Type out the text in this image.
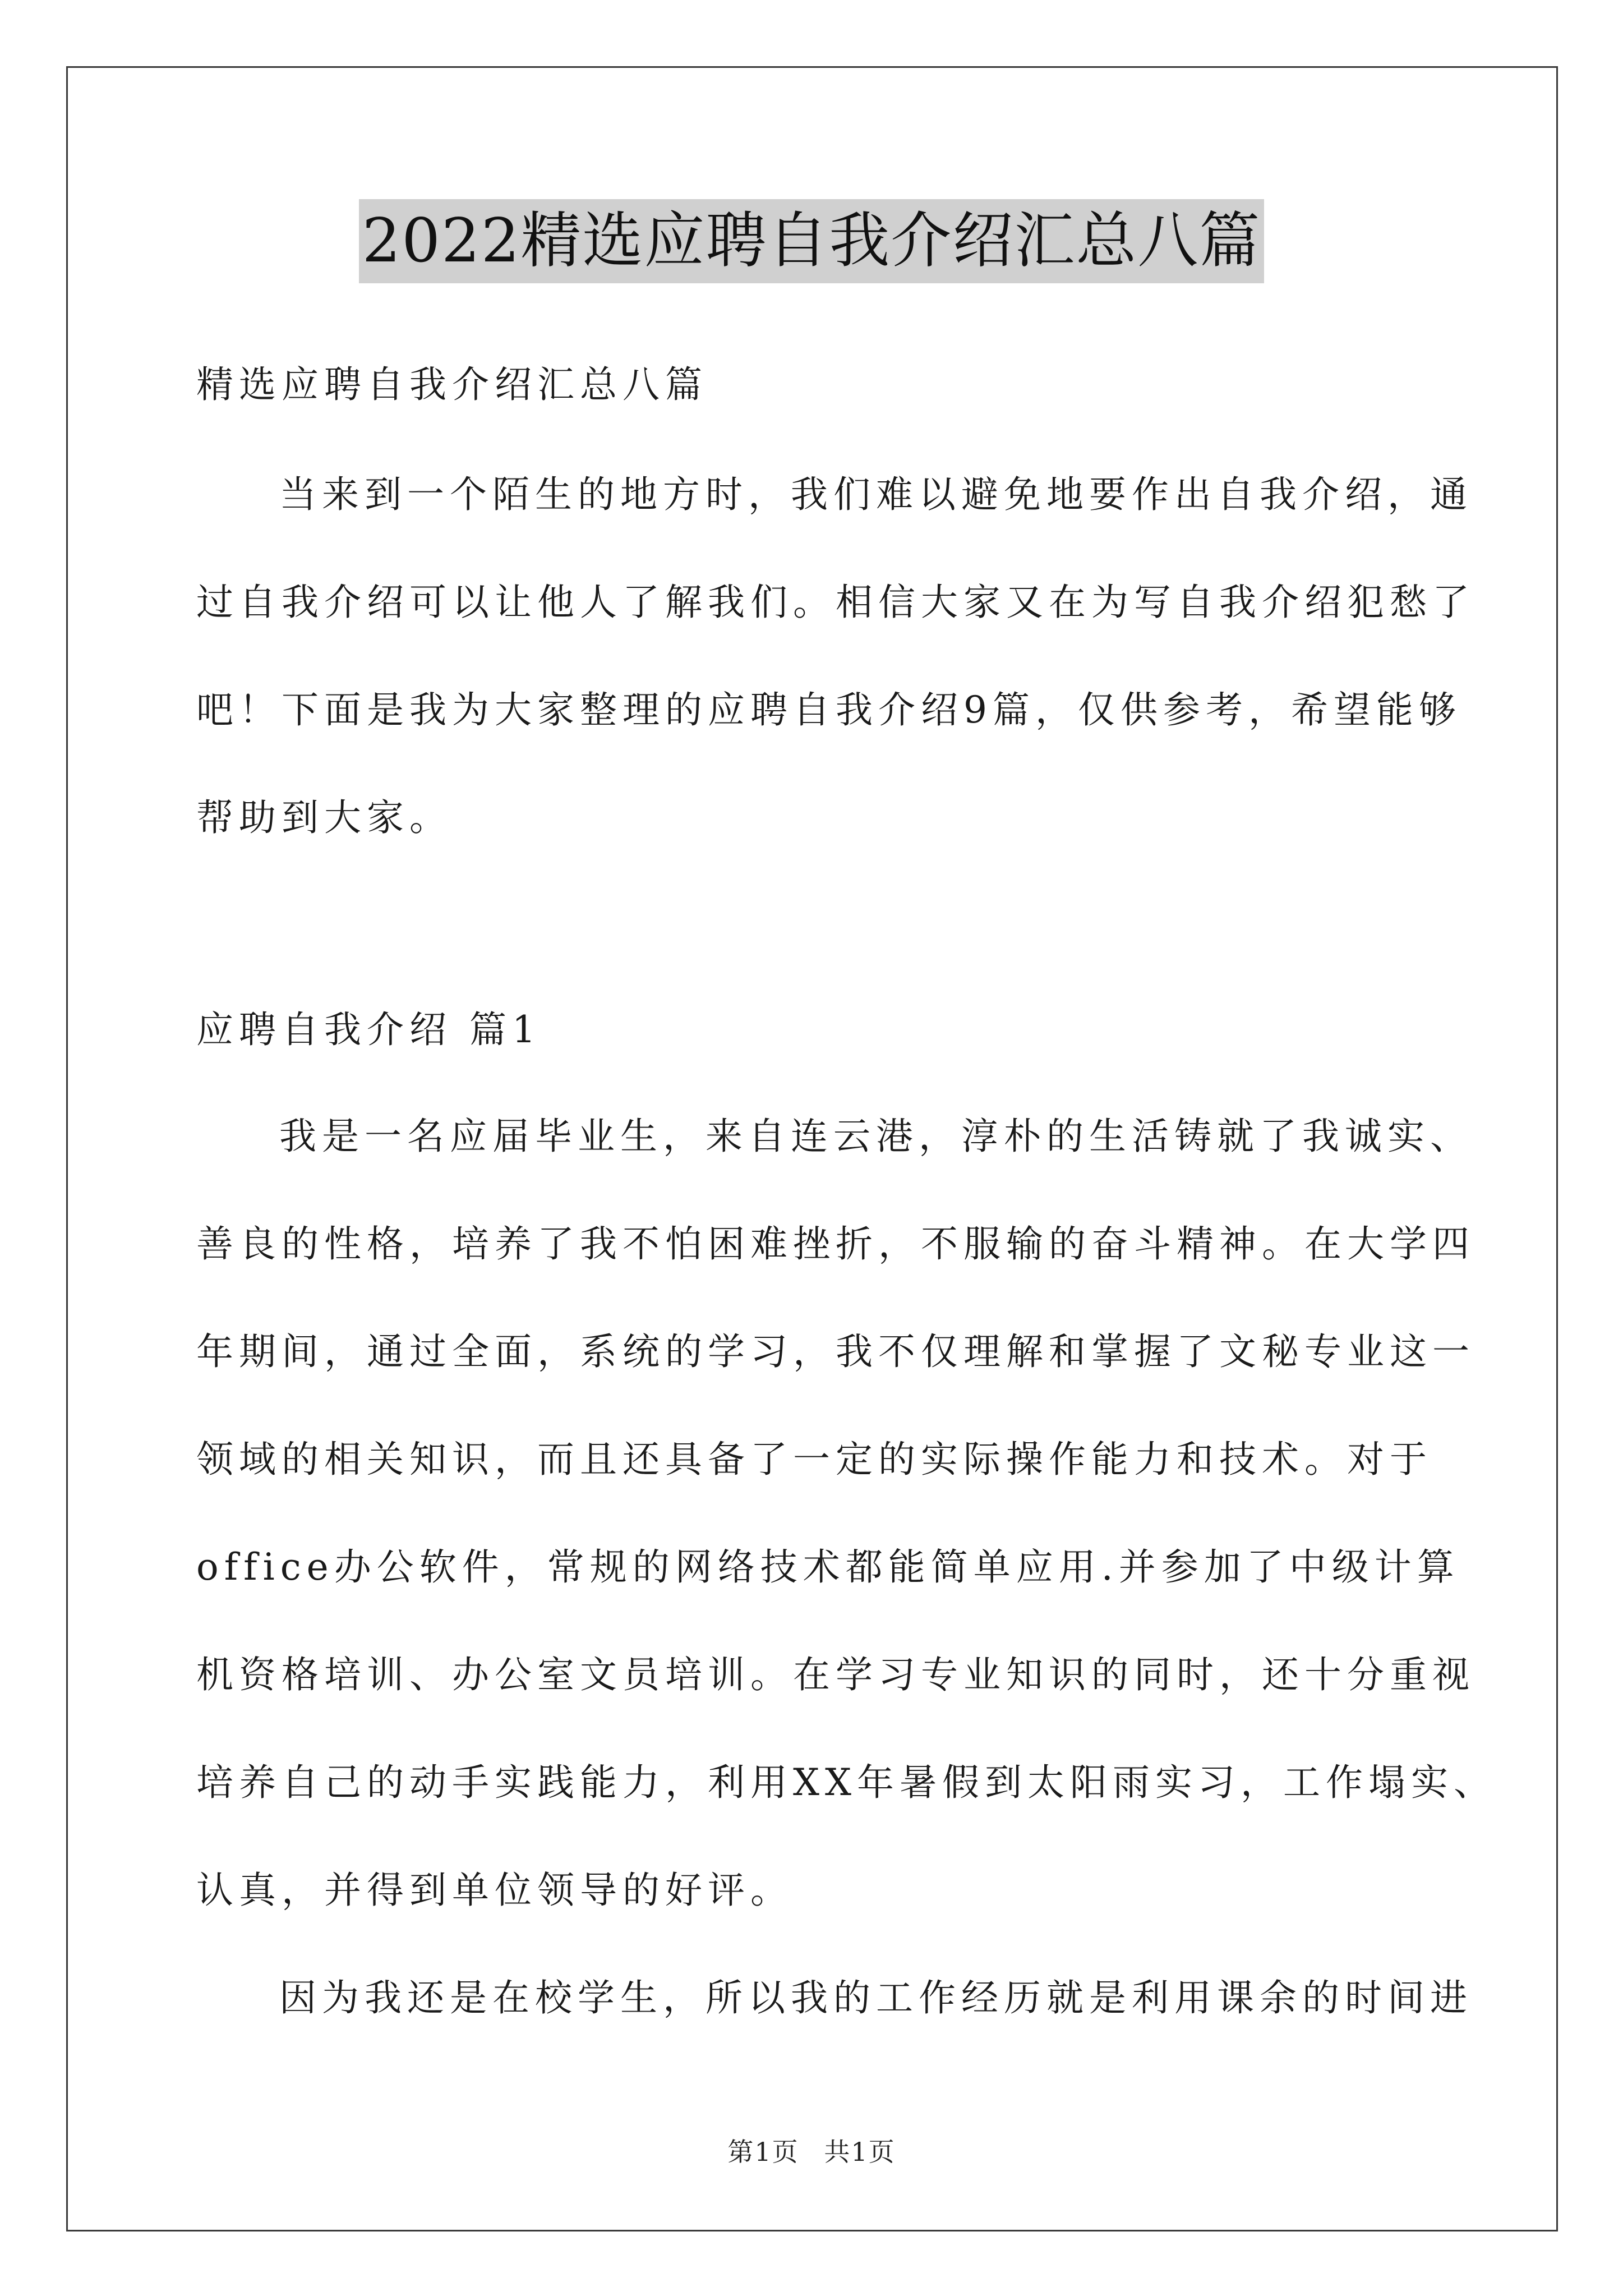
2022精选应聘自我介绍汇总八篇
精选应聘自我介绍汇总八篇
当来到一个陌生的地方时，我们难以避免地要作出自我介绍，通
过自我介绍可以让他人了解我们。相信大家又在为写自我介绍犯愁了
吧！下面是我为大家整理的应聘自我介绍9篇，仅供参考，希望能够
帮助到大家。
应聘自我介绍 篇1
我是一名应届毕业生，来自连云港，淳朴的生活铸就了我诚实、
善良的性格，培养了我不怕困难挫折，不服输的奋斗精神。在大学四
年期间，通过全面，系统的学习，我不仅理解和掌握了文秘专业这一
领域的相关知识，而且还具备了一定的实际操作能力和技术。对于
office办公软件，常规的网络技术都能简单应用.并参加了中级计算
机资格培训、办公室文员培训。在学习专业知识的同时，还十分重视
培养自己的动手实践能力，利用XX年暑假到太阳雨实习，工作塌实、
认真，并得到单位领导的好评。
因为我还是在校学生，所以我的工作经历就是利用课余的时间进
第1页 共1页
